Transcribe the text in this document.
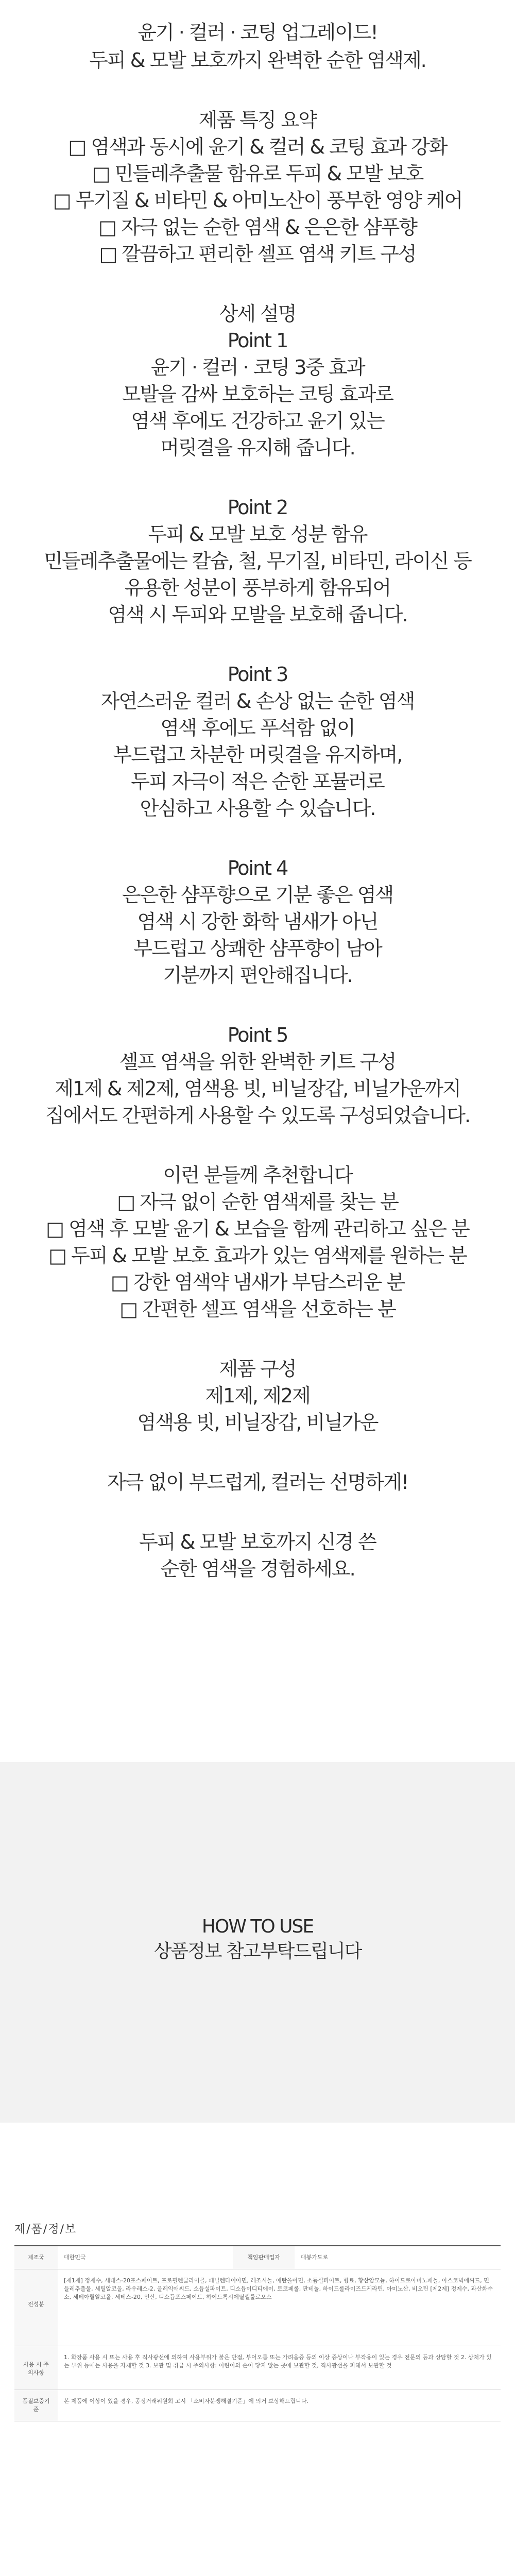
윤기 · 컬러 · 코팅 업그레이드!
두피 & 모발 보호까지 완벽한 순한 염색제.
제품 특징 요약
□ 염색과 동시에 윤기 & 컬러 & 코팅 효과 강화
□ 민들레추출물 함유로 두피 & 모발 보호
□ 무기질 & 비타민 & 아미노산이 풍부한 영양 케어
□ 자극 없는 순한 염색 & 은은한 샴푸향
□ 깔끔하고 편리한 셀프 염색 키트 구성
상세 설명
Point 1
윤기 · 컬러 · 코팅 3중 효과
모발을 감싸 보호하는 코팅 효과로
염색 후에도 건강하고 윤기 있는
머릿결을 유지해 줍니다.
Point 2
두피 & 모발 보호 성분 함유
민들레추출물에는 칼슘, 철, 무기질, 비타민, 라이신 등
유용한 성분이 풍부하게 함유되어
염색 시 두피와 모발을 보호해 줍니다.
Point 3
자연스러운 컬러 & 손상 없는 순한 염색
염색 후에도 푸석함 없이
부드럽고 차분한 머릿결을 유지하며,
두피 자극이 적은 순한 포뮬러로
안심하고 사용할 수 있습니다.
Point 4
은은한 샴푸향으로 기분 좋은 염색
염색 시 강한 화학 냄새가 아닌
부드럽고 상쾌한 샴푸향이 남아
기분까지 편안해집니다.
Point 5
셀프 염색을 위한 완벽한 키트 구성
제1제 & 제2제, 염색용 빗, 비닐장갑, 비닐가운까지
집에서도 간편하게 사용할 수 있도록 구성되었습니다.
이런 분들께 추천합니다
□ 자극 없이 순한 염색제를 찾는 분
□ 염색 후 모발 윤기 & 보습을 함께 관리하고 싶은 분
□ 두피 & 모발 보호 효과가 있는 염색제를 원하는 분
□ 강한 염색약 냄새가 부담스러운 분
□ 간편한 셀프 염색을 선호하는 분
제품 구성
제1제, 제2제
염색용 빗, 비닐장갑, 비닐가운
자극 없이 부드럽게, 컬러는 선명하게!
두피 & 모발 보호까지 신경 쓴
순한 염색을 경험하세요.
HOW TO USE
상품정보 참고부탁드립니다
제/품/정/보
제조국	대한민국	책임판매업자	대봉가도로

전성분	[제1제] 정제수, 세테스-20포스페이트, 프로필렌글라이콜, 페닐렌다이아민, 레조시놀, 에탄올아민, 소듐설파이트, 향료, 황산암모늄, 하이드로아미노페놀, 아스코빅애씨드, 민들레추출물, 세틸알코올, 라우레스-2, 올레익애씨드, 소듐설파이트, 디소듐이디티에이, 토코페롤, 판테놀, 하이드롤라이즈드케라틴, 아미노산, 비오틴 [제2제] 정제수, 과산화수소, 세테아릴알코올, 세테스-20, 인산, 디소듐포스페이트, 하이드록시에틸셀룰로오스		

사용 시 주의사항	1. 화장품 사용 시 또는 사용 후 직사광선에 의하여 사용부위가 붉은 반점, 부어오름 또는 가려움증 등의 이상 증상이나 부작용이 있는 경우 전문의 등과 상담할 것 2. 상처가 있는 부위 등에는 사용을 자제할 것 3. 보관 및 취급 시 주의사항: 어린이의 손이 닿지 않는 곳에 보관할 것, 직사광선을 피해서 보관할 것		

품질보증기준	본 제품에 이상이 있을 경우, 공정거래위원회 고시 「소비자분쟁해결기준」에 의거 보상해드립니다.		
